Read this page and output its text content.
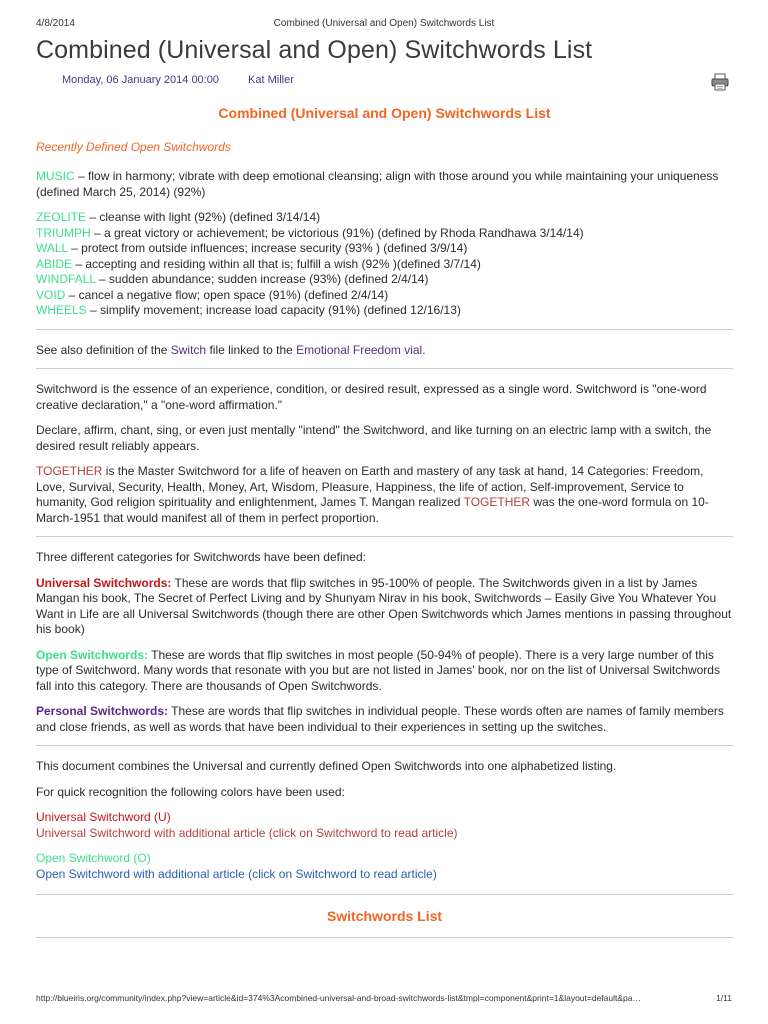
4/8/2014	Combined (Universal and Open) Switchwords List
Combined (Universal and Open) Switchwords List
Monday, 06 January 2014 00:00	Kat Miller

Combined (Universal and Open) Switchwords List

Recently Defined Open Switchwords

MUSIC – flow in harmony; vibrate with deep emotional cleansing; align with those around you while maintaining your uniqueness (defined March 25, 2014) (92%)

ZEOLITE – cleanse with light (92%) (defined 3/14/14)

TRIUMPH – a great victory or achievement; be victorious (91%) (defined by Rhoda Randhawa 3/14/14)

WALL – protect from outside influences; increase security (93% ) (defined 3/9/14)

ABIDE – accepting and residing within all that is; fulfill a wish (92% )(defined 3/7/14)

WINDFALL – sudden abundance; sudden increase (93%) (defined 2/4/14)

VOID – cancel a negative flow; open space (91%) (defined 2/4/14)

WHEELS – simplify movement; increase load capacity (91%) (defined 12/16/13)

See also definition of the Switch file linked to the Emotional Freedom vial.

Switchword is the essence of an experience, condition, or desired result, expressed as a single word. Switchword is "one-word creative declaration," a "one-word affirmation."

Declare, affirm, chant, sing, or even just mentally "intend" the Switchword, and like turning on an electric lamp with a switch, the desired result reliably appears.

TOGETHER is the Master Switchword for a life of heaven on Earth and mastery of any task at hand, 14 Categories: Freedom, Love, Survival, Security, Health, Money, Art, Wisdom, Pleasure, Happiness, the life of action, Self-improvement, Service to humanity, God religion spirituality and enlightenment, James T. Mangan realized TOGETHER was the one-word formula on 10-March-1951 that would manifest all of them in perfect proportion.

Three different categories for Switchwords have been defined:

Universal Switchwords: These are words that flip switches in 95-100% of people. The Switchwords given in a list by James Mangan his book, The Secret of Perfect Living and by Shunyam Nirav in his book, Switchwords – Easily Give You Whatever You Want in Life are all Universal Switchwords (though there are other Open Switchwords which James mentions in passing throughout his book)

Open Switchwords: These are words that flip switches in most people (50-94% of people). There is a very large number of this type of Switchword. Many words that resonate with you but are not listed in James' book, nor on the list of Universal Switchwords fall into this category. There are thousands of Open Switchwords.

Personal Switchwords: These are words that flip switches in individual people. These words often are names of family members and close friends, as well as words that have been individual to their experiences in setting up the switches.

This document combines the Universal and currently defined Open Switchwords into one alphabetized listing.

For quick recognition the following colors have been used:

Universal Switchword (U)

Universal Switchword with additional article (click on Switchword to read article)

Open Switchword (O)

Open Switchword with additional article (click on Switchword to read article)

Switchwords List

http://blueiris.org/community/index.php?view=article&id=374%3Acombined-universal-and-broad-switchwords-list&tmpl=component&print=1&layout=default&pa…	1/11
